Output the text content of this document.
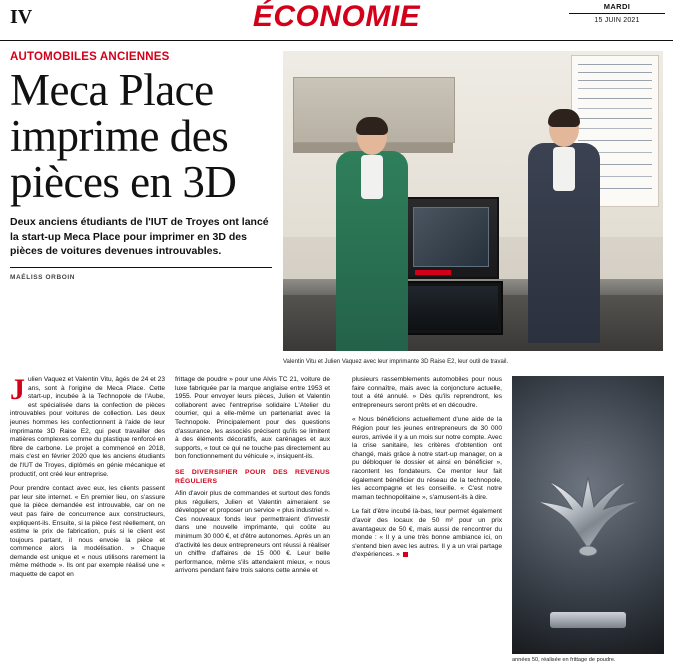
IV	ÉCONOMIE	MARDI
15 JUIN 2021
AUTOMOBILES ANCIENNES
Meca Place imprime des pièces en 3D
Deux anciens étudiants de l'IUT de Troyes ont lancé la start-up Meca Place pour imprimer en 3D des pièces de voitures devenues introuvables.
MAÉLISS ORBOIN
Valentin Vitu et Julien Vaquez avec leur imprimante 3D Raise E2, leur outil de travail.

Julien Vaquez et Valentin Vitu, âgés de 24 et 23 ans, sont à l'origine de Meca Place. Cette start-up, incubée à la Technopole de l'Aube, est spécialisée dans la confection de pièces introuvables pour voitures de collection. Les deux jeunes hommes les confectionnent à l'aide de leur imprimante 3D Raise E2, qui peut travailler des matières complexes comme du plastique renforcé en fibre de carbone. Le projet a commencé en 2018, mais c'est en février 2020 que les anciens étudiants de l'IUT de Troyes, diplômés en génie mécanique et productif, ont créé leur entreprise.

Pour prendre contact avec eux, les clients passent par leur site internet. « En premier lieu, on s'assure que la pièce demandée est introuvable, car on ne veut pas faire de concurrence aux constructeurs, expliquent-ils. Ensuite, si la pièce l'est réellement, on estime le prix de fabrication, puis si le client est toujours partant, il nous envoie la pièce et commence alors la modélisation. » Chaque demande est unique et « nous utilisons rarement la même méthode ». Ils ont par exemple réalisé une « maquette de capot en

frittage de poudre » pour une Alvis TC 21, voiture de luxe fabriquée par la marque anglaise entre 1953 et 1955. Pour envoyer leurs pièces, Julien et Valentin collaborent avec l'entreprise solidaire L'Atelier du courrier, qui a elle-même un partenariat avec la Technopole. Principalement pour des questions d'assurance, les associés précisent qu'ils se limitent à des éléments décoratifs, aux carénages et aux supports, « tout ce qui ne touche pas directement au bon fonctionnement du véhicule », insiquent-ils.

SE DIVERSIFIER POUR DES REVENUS RÉGULIERS

Afin d'avoir plus de commandes et surtout des fonds plus réguliers, Julien et Valentin aimeraient se développer et proposer un service « plus industriel ». Ces nouveaux fonds leur permettraient d'investir dans une nouvelle imprimante, qui coûte au minimum 30 000 €, et d'être autonomes. Après un an d'activité les deux entrepreneurs ont réussi à réaliser un chiffre d'affaires de 15 000 €. Leur belle performance, même s'ils attendaient mieux, « nous arrivons pendant faire trois salons cette année et

plusieurs rassemblements automobiles pour nous faire connaître, mais avec la conjoncture actuelle, tout a été annulé. » Dès qu'ils reprendront, les entrepreneurs seront prêts et en découdre.

« Nous bénéficions actuellement d'une aide de la Région pour les jeunes entrepreneurs de 30 000 euros, arrivée il y a un mois sur notre compte. Avec la crise sanitaire, les critères d'obtention ont changé, mais grâce à notre start-up manager, on a pu débloquer le dossier et ainsi en bénéficier », racontent les fondateurs. Ce mentor leur fait également bénéficier du réseau de la technopole, les accompagne et les conseille. « C'est notre maman technopolitaine », s'amusent-ils à dire.

Le fait d'être incubé là-bas, leur permet également d'avoir des locaux de 50 m² pour un prix avantageux de 50 €, mais aussi de rencontrer du monde : « Il y a une très bonne ambiance ici, on s'entend bien avec les autres. Il y a un vrai partage d'expériences. »

Une mascotte de capot d'une Alvis TC 21, une voiture des années 50, réalisée en frittage de poudre.
